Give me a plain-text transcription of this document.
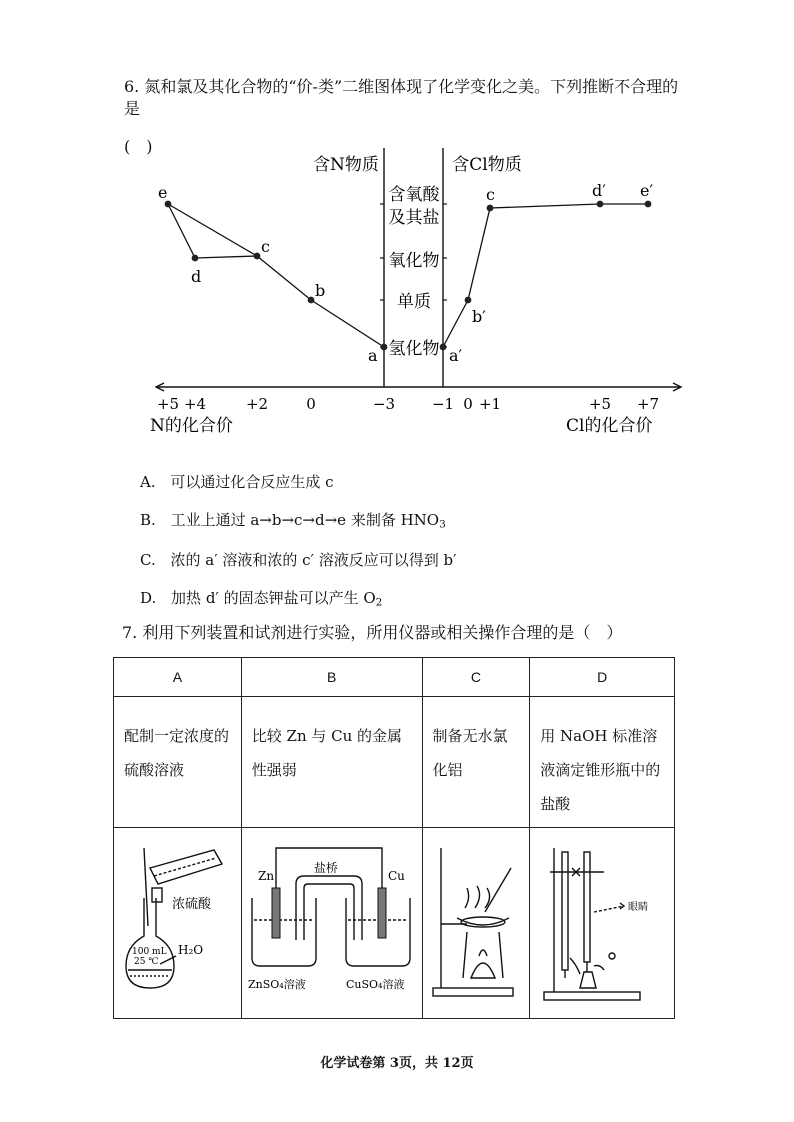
6. 氮和氯及其化合物的“价-类”二维图体现了化学变化之美。下列推断不合理的是
(　)
氢化物
单质
氧化物
含氧酸
及其盐
含N物质	含Cl物质
+5 +4	+2	0	−3 −1 0 +1	+5 +7
N的化合价	Cl的化合价
e
d
c
b
a	a′
b′
c	d′ e′
A. 可以通过化合反应生成 c
B. 工业上通过 a→b→c→d→e 来制备 $HNO_3$
C. 浓的 a′ 溶液和浓的 c′ 溶液反应可以得到 b′
D. 加热 d′ 的固态钾盐可以产生 $O_2$
7. 利用下列装置和试剂进行实验，所用仪器或相关操作合理的是（　）
A	B	C	D

配制一定浓度的硫酸溶液	比较 Zn 与 Cu 的金属性强弱	制备无水氯化铝	用 NaOH 标准溶液滴定锥形瓶中的盐酸

浓硫酸
100 mL
25 ℃
H₂O	Zn Cu
盐桥
ZnSO₄溶液 CuSO₄溶液		眼睛
化学试卷第 3页，共 12页
